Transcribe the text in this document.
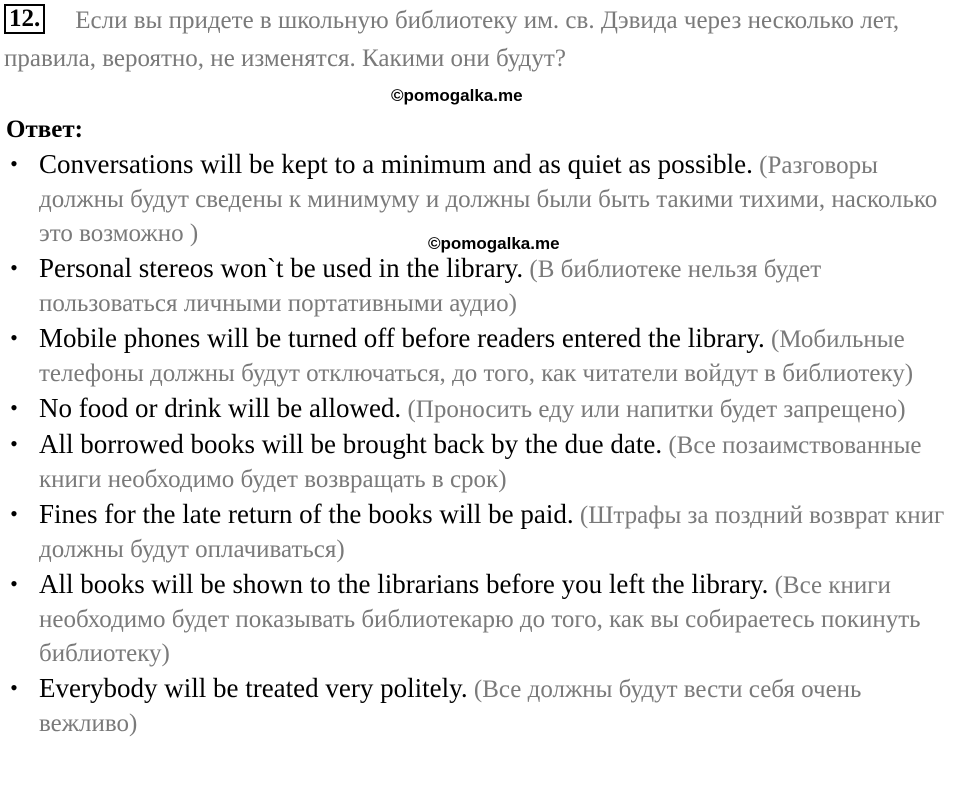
12. Если вы придете в школьную библиотеку им. св. Дэвида через несколько лет, правила, вероятно, не изменятся. Какими они будут?
©pomogalka.me
Ответ:
• Conversations will be kept to a minimum and as quiet as possible. (Разговоры должны будут сведены к минимуму и должны были быть такими тихими, насколько это возможно )
• Personal stereos won`t be used in the library. (В библиотеке нельзя будет пользоваться личными портативными аудио)
• Mobile phones will be turned off before readers entered the library. (Мобильные телефоны должны будут отключаться, до того, как читатели войдут в библиотеку)
• No food or drink will be allowed. (Проносить еду или напитки будет запрещено)
• All borrowed books will be brought back by the due date. (Все позаимствованные книги необходимо будет возвращать в срок)
• Fines for the late return of the books will be paid. (Штрафы за поздний возврат книг должны будут оплачиваться)
• All books will be shown to the librarians before you left the library. (Все книги необходимо будет показывать библиотекарю до того, как вы собираетесь покинуть библиотеку)
• Everybody will be treated very politely. (Все должны будут вести себя очень вежливо)
©pomogalka.me
